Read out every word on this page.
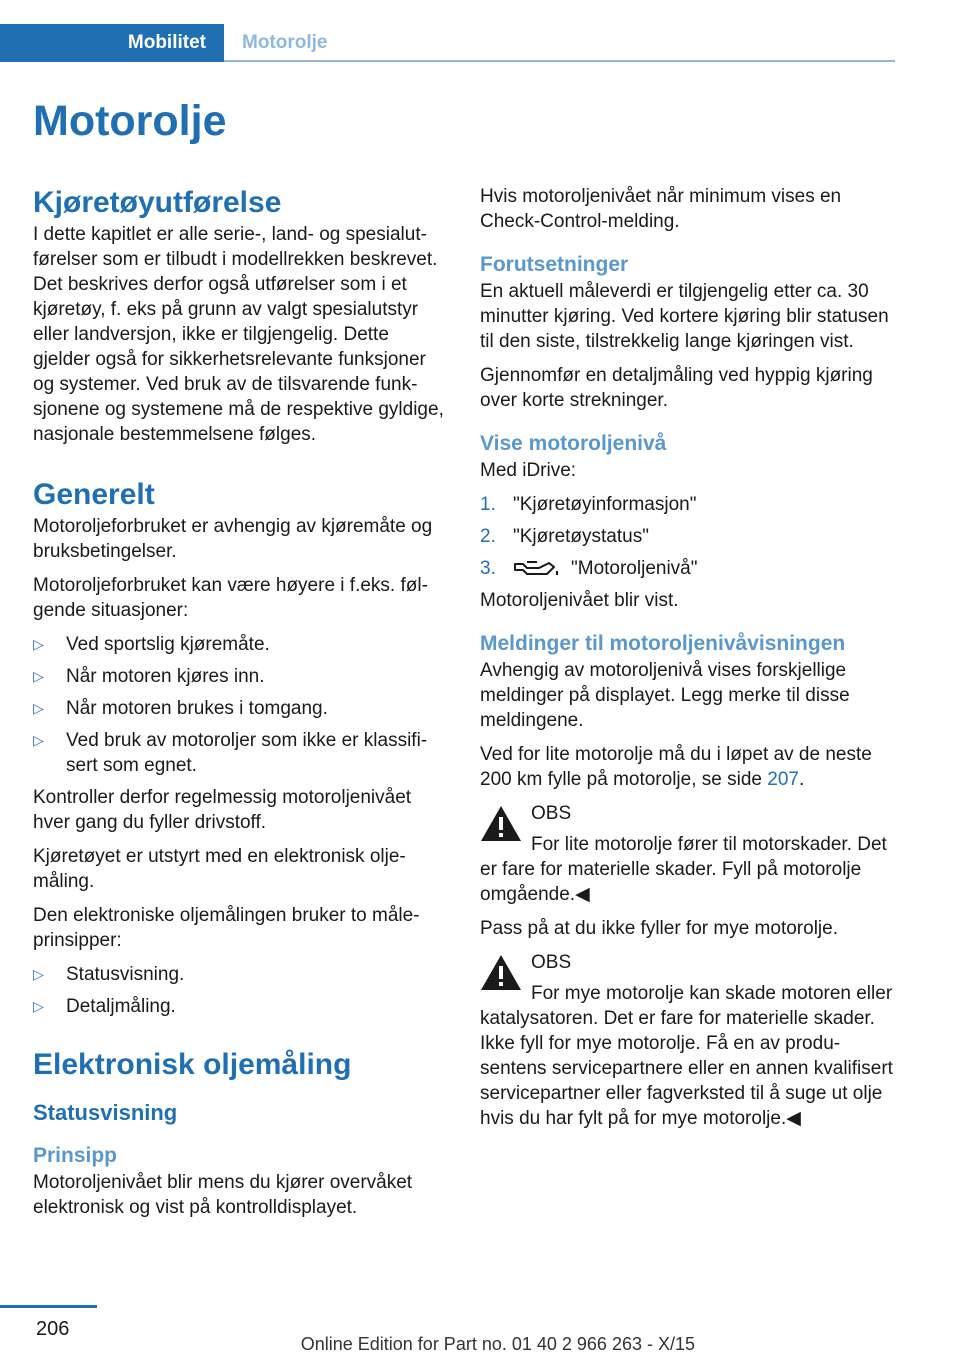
Mobilitet Motorolje
Motorolje
Kjøretøyutførelse

I dette kapitlet er alle serie-, land- og spesialutførelser som er tilbudt i modellrekken beskrevet. Det beskrives derfor også utførelser som i et kjøretøy, f. eks på grunn av valgt spesialutstyr eller landversjon, ikke er tilgjengelig. Dette gjelder også for sikkerhetsrelevante funksjoner og systemer. Ved bruk av de tilsvarende funksjonene og systemene må de respektive gyldige, nasjonale bestemmelsene følges.

Generelt

Motoroljeforbruket er avhengig av kjøremåte og bruksbetingelser.

Motoroljeforbruket kan være høyere i f.eks. følgende situasjoner:

▷ Ved sportslig kjøremåte.
▷ Når motoren kjøres inn.
▷ Når motoren brukes i tomgang.
▷ Ved bruk av motoroljer som ikke er klassifisert som egnet.

Kontroller derfor regelmessig motoroljenivået hver gang du fyller drivstoff.

Kjøretøyet er utstyrt med en elektronisk oljemåling.

Den elektroniske oljemålingen bruker to måleprinsipper:

▷ Statusvisning.
▷ Detaljmåling.
Elektronisk oljemåling
Statusvisning
Prinsipp

Motoroljenivået blir mens du kjører overvåket elektronisk og vist på kontrolldisplayet.

Hvis motoroljenivået når minimum vises en Check-Control-melding.

Forutsetninger

En aktuell måleverdi er tilgjengelig etter ca. 30 minutter kjøring. Ved kortere kjøring blir statusen til den siste, tilstrekkelig lange kjøringen vist.

Gjennomfør en detaljmåling ved hyppig kjøring over korte strekninger.

Vise motoroljenivå

Med iDrive:

1. "Kjøretøyinformasjon"
2. "Kjøretøystatus"
3.	"Motoroljenivå"

Motoroljenivået blir vist.

Meldinger til motoroljenivåvisningen

Avhengig av motoroljenivå vises forskjellige meldinger på displayet. Legg merke til disse meldingene.

Ved for lite motorolje må du i løpet av de neste 200 km fylle på motorolje, se side 207.

OBS

For lite motorolje fører til motorskader. Det er fare for materielle skader. Fyll på motorolje omgående.◀

Pass på at du ikke fyller for mye motorolje.

OBS

For mye motorolje kan skade motoren eller katalysatoren. Det er fare for materielle skader. Ikke fyll for mye motorolje. Få en av produsentens servicepartnere eller en annen kvalifisert servicepartner eller fagverksted til å suge ut olje hvis du har fylt på for mye motorolje.◀

206
Online Edition for Part no. 01 40 2 966 263 - X/15
